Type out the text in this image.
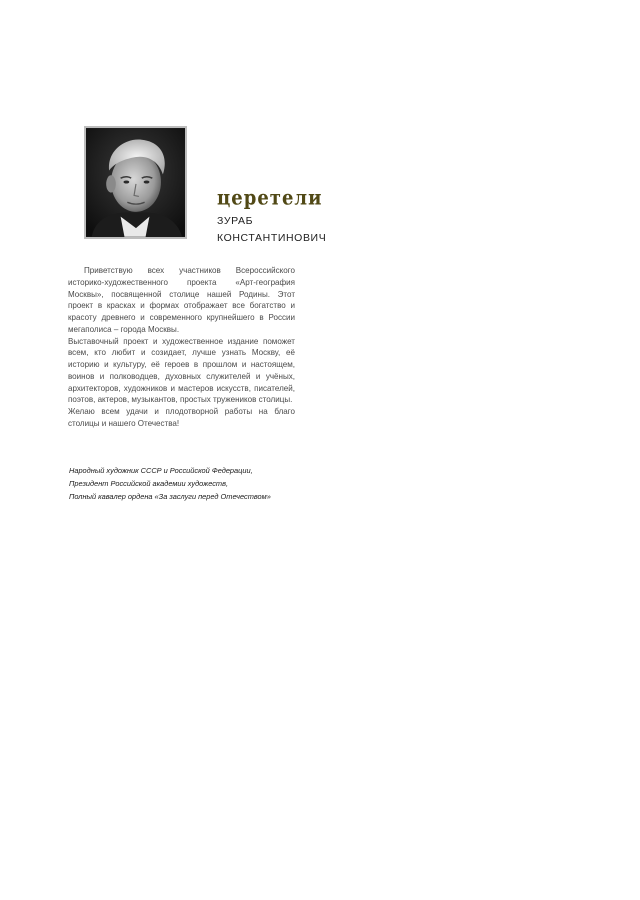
церетели
ЗУРАБ
КОНСТАНТИНОВИЧ

Приветствую всех участников Всероссийского историко-художественного проекта «Арт-география Москвы», посвященной столице нашей Родины. Этот проект в красках и формах отображает все богатство и красоту древнего и современного крупнейшего в России мегаполиса – города Москвы.

Выставочный проект и художественное издание поможет всем, кто любит и созидает, лучше узнать Москву, её историю и культуру, её героев в прошлом и настоящем, воинов и полководцев, духовных служителей и учёных, архитекторов, художников и мастеров искусств, писателей, поэтов, актеров, музыкантов, простых тружеников столицы.

Желаю всем удачи и плодотворной работы на благо столицы и нашего Отечества!

Народный художник СССР и Российской Федерации,
Президент Российской академии художеств,
Полный кавалер ордена «За заслуги перед Отечеством»
